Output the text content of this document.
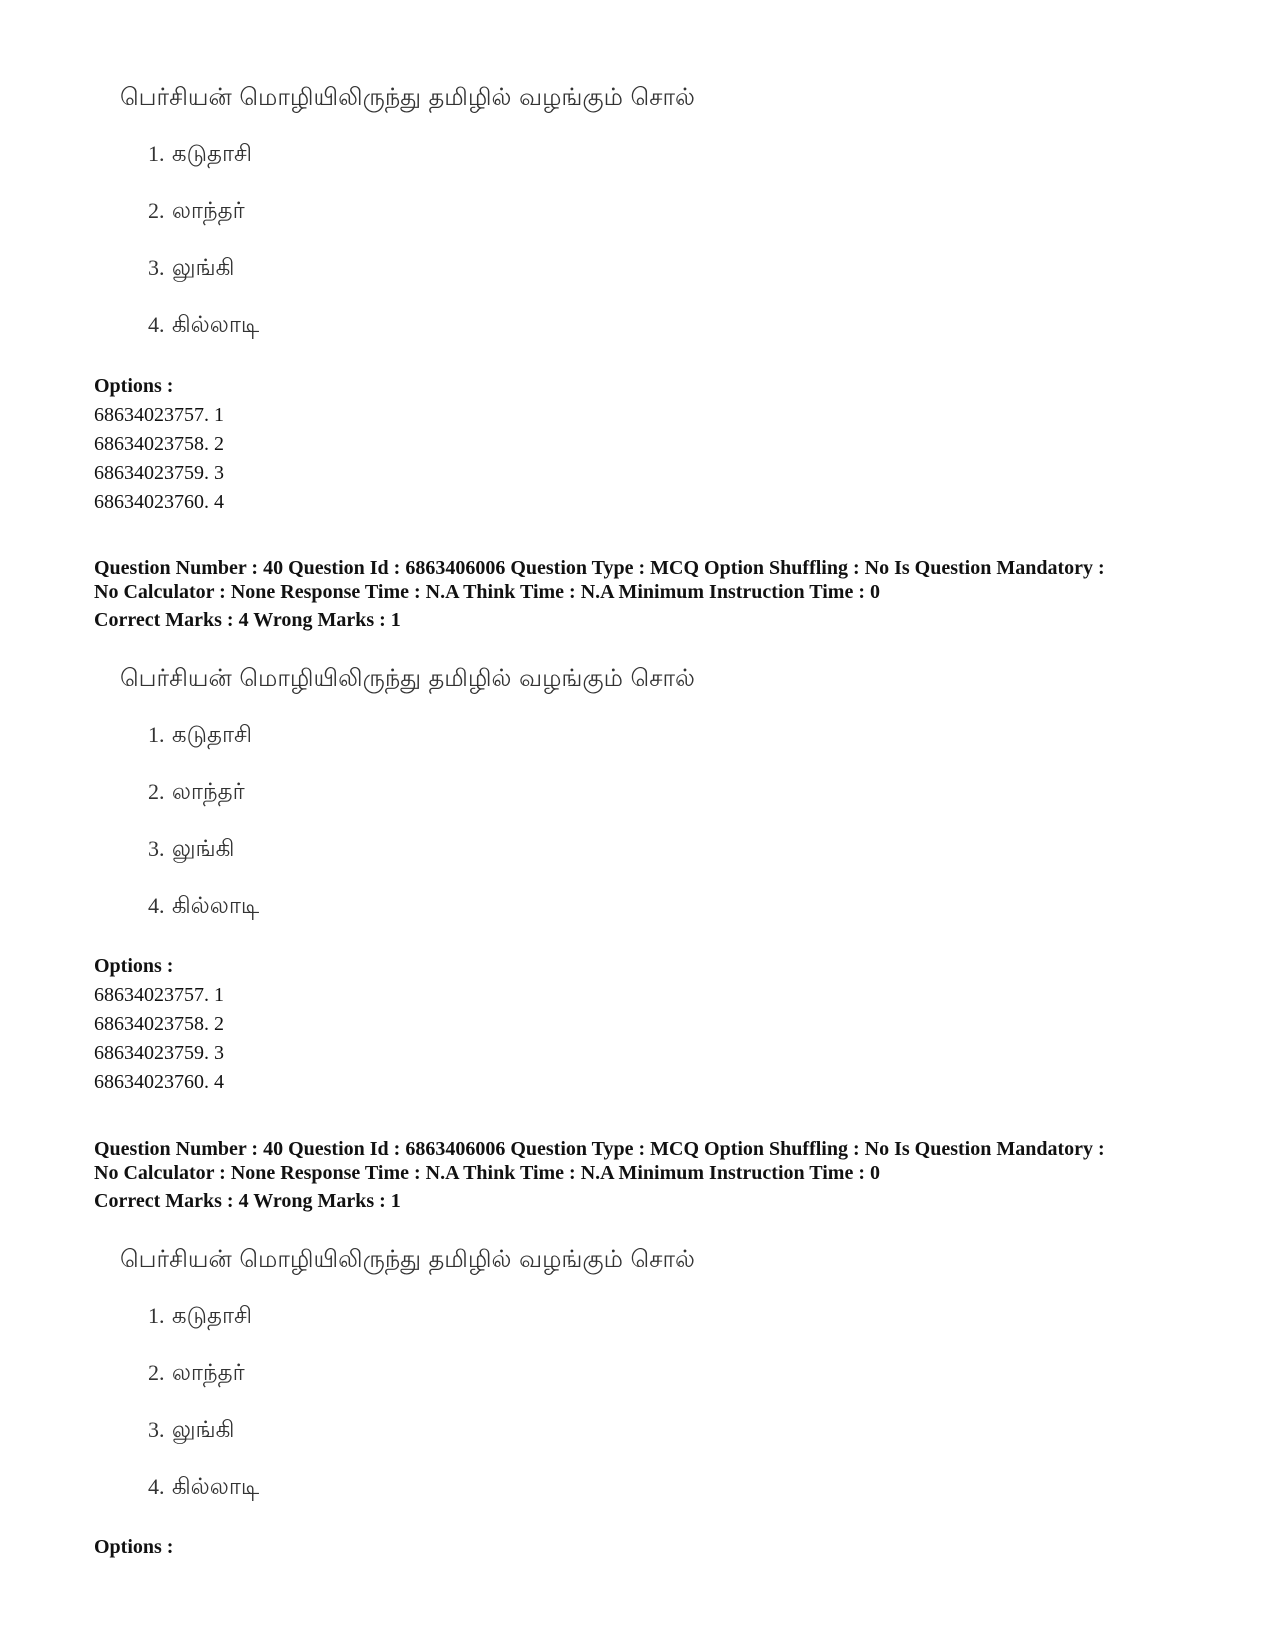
பெர்சியன் மொழியிலிருந்து தமிழில் வழங்கும் சொல்
1. கடுதாசி
2. லாந்தர்
3. லுங்கி
4. கில்லாடி
Options :
68634023757. 1
68634023758. 2
68634023759. 3
68634023760. 4
Question Number : 40 Question Id : 6863406006 Question Type : MCQ Option Shuffling : No Is Question Mandatory :
No Calculator : None Response Time : N.A Think Time : N.A Minimum Instruction Time : 0
Correct Marks : 4 Wrong Marks : 1
பெர்சியன் மொழியிலிருந்து தமிழில் வழங்கும் சொல்
1. கடுதாசி
2. லாந்தர்
3. லுங்கி
4. கில்லாடி
Options :
68634023757. 1
68634023758. 2
68634023759. 3
68634023760. 4
Question Number : 40 Question Id : 6863406006 Question Type : MCQ Option Shuffling : No Is Question Mandatory :
No Calculator : None Response Time : N.A Think Time : N.A Minimum Instruction Time : 0
Correct Marks : 4 Wrong Marks : 1
பெர்சியன் மொழியிலிருந்து தமிழில் வழங்கும் சொல்
1. கடுதாசி
2. லாந்தர்
3. லுங்கி
4. கில்லாடி
Options :
